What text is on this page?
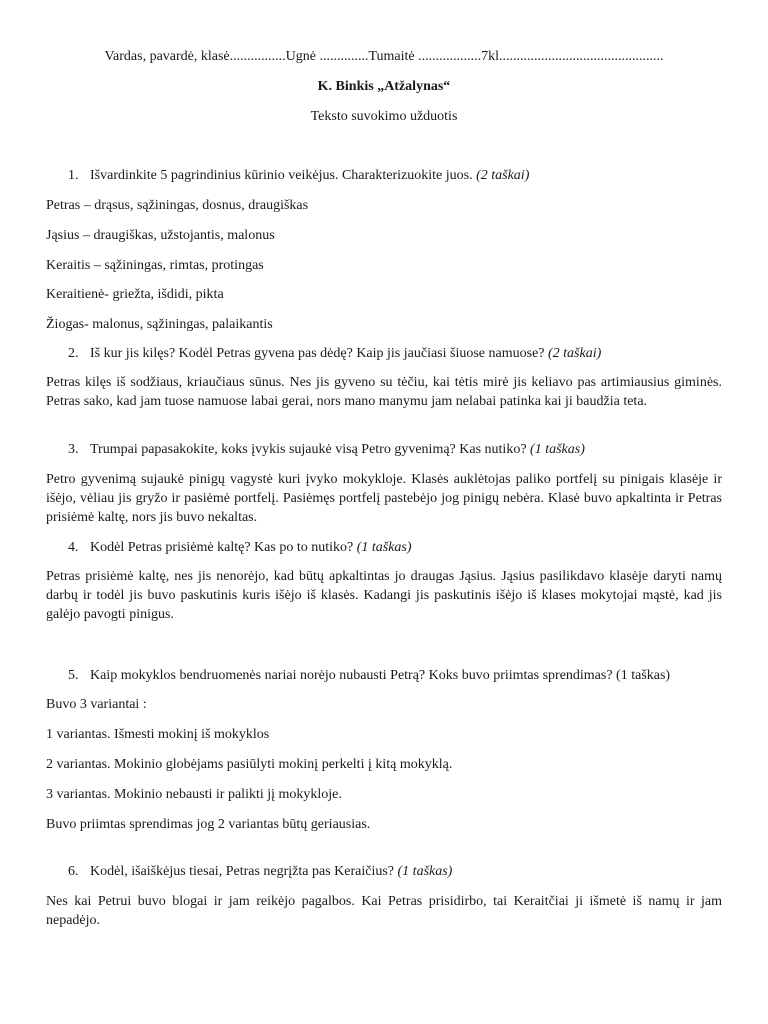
Vardas, pavardė, klasė................Ugnė ..............Tumaitė ..................7kl...............................................
K. Binkis „Atžalynas“
Teksto suvokimo užduotis
1. Išvardinkite 5 pagrindinius kūrinio veikėjus. Charakterizuokite juos. (2 taškai)
Petras – drąsus, sąžiningas, dosnus, draugiškas
Jąsius – draugiškas, užstojantis, malonus
Keraitis – sąžiningas, rimtas, protingas
Keraitienė- griežta, išdidi, pikta
Žiogas- malonus, sąžiningas, palaikantis
2. Iš kur jis kilęs? Kodėl Petras gyvena pas dėdę? Kaip jis jaučiasi šiuose namuose? (2 taškai)
Petras kilęs iš sodžiaus, kriaučiaus sūnus. Nes jis gyveno su tėčiu, kai tėtis mirė jis keliavo pas artimiausius giminės. Petras sako, kad jam tuose namuose labai gerai, nors mano manymu jam nelabai patinka kai ji baudžia teta.
3. Trumpai papasakokite, koks įvykis sujaukė visą Petro gyvenimą? Kas nutiko? (1 taškas)
Petro gyvenimą sujaukė pinigų vagystė kuri įvyko mokykloje. Klasės auklėtojas paliko portfelį su pinigais klasėje ir išėjo, vėliau jis gryžo ir pasiėmė portfelį. Pasiėmęs portfelį pastebėjo jog pinigų nebėra. Klasė buvo apkaltinta ir Petras prisiėmė kaltę, nors jis buvo nekaltas.
4. Kodėl Petras prisiėmė kaltę? Kas po to nutiko? (1 taškas)
Petras prisiėmė kaltę, nes jis nenorėjo, kad būtų apkaltintas jo draugas Jąsius. Jąsius pasilikdavo klasėje daryti namų darbų ir todėl jis buvo paskutinis kuris išėjo iš klasės. Kadangi jis paskutinis išėjo iš klases mokytojai mąstė, kad jis galėjo pavogti pinigus.
5. Kaip mokyklos bendruomenės nariai norėjo nubausti Petrą? Koks buvo priimtas sprendimas? (1 taškas)
Buvo 3 variantai :
1 variantas. Išmesti mokinį iš mokyklos
2 variantas. Mokinio globėjams pasiūlyti mokinį perkelti į kitą mokyklą.
3 variantas. Mokinio nebausti ir palikti jį mokykloje.
Buvo priimtas sprendimas jog 2 variantas būtų geriausias.
6. Kodėl, išaiškėjus tiesai, Petras negrįžta pas Keraičius? (1 taškas)
Nes kai Petrui buvo blogai ir jam reikėjo pagalbos. Kai Petras prisidirbo, tai Keraitčiai ji išmetė iš namų ir jam nepadėjo.
